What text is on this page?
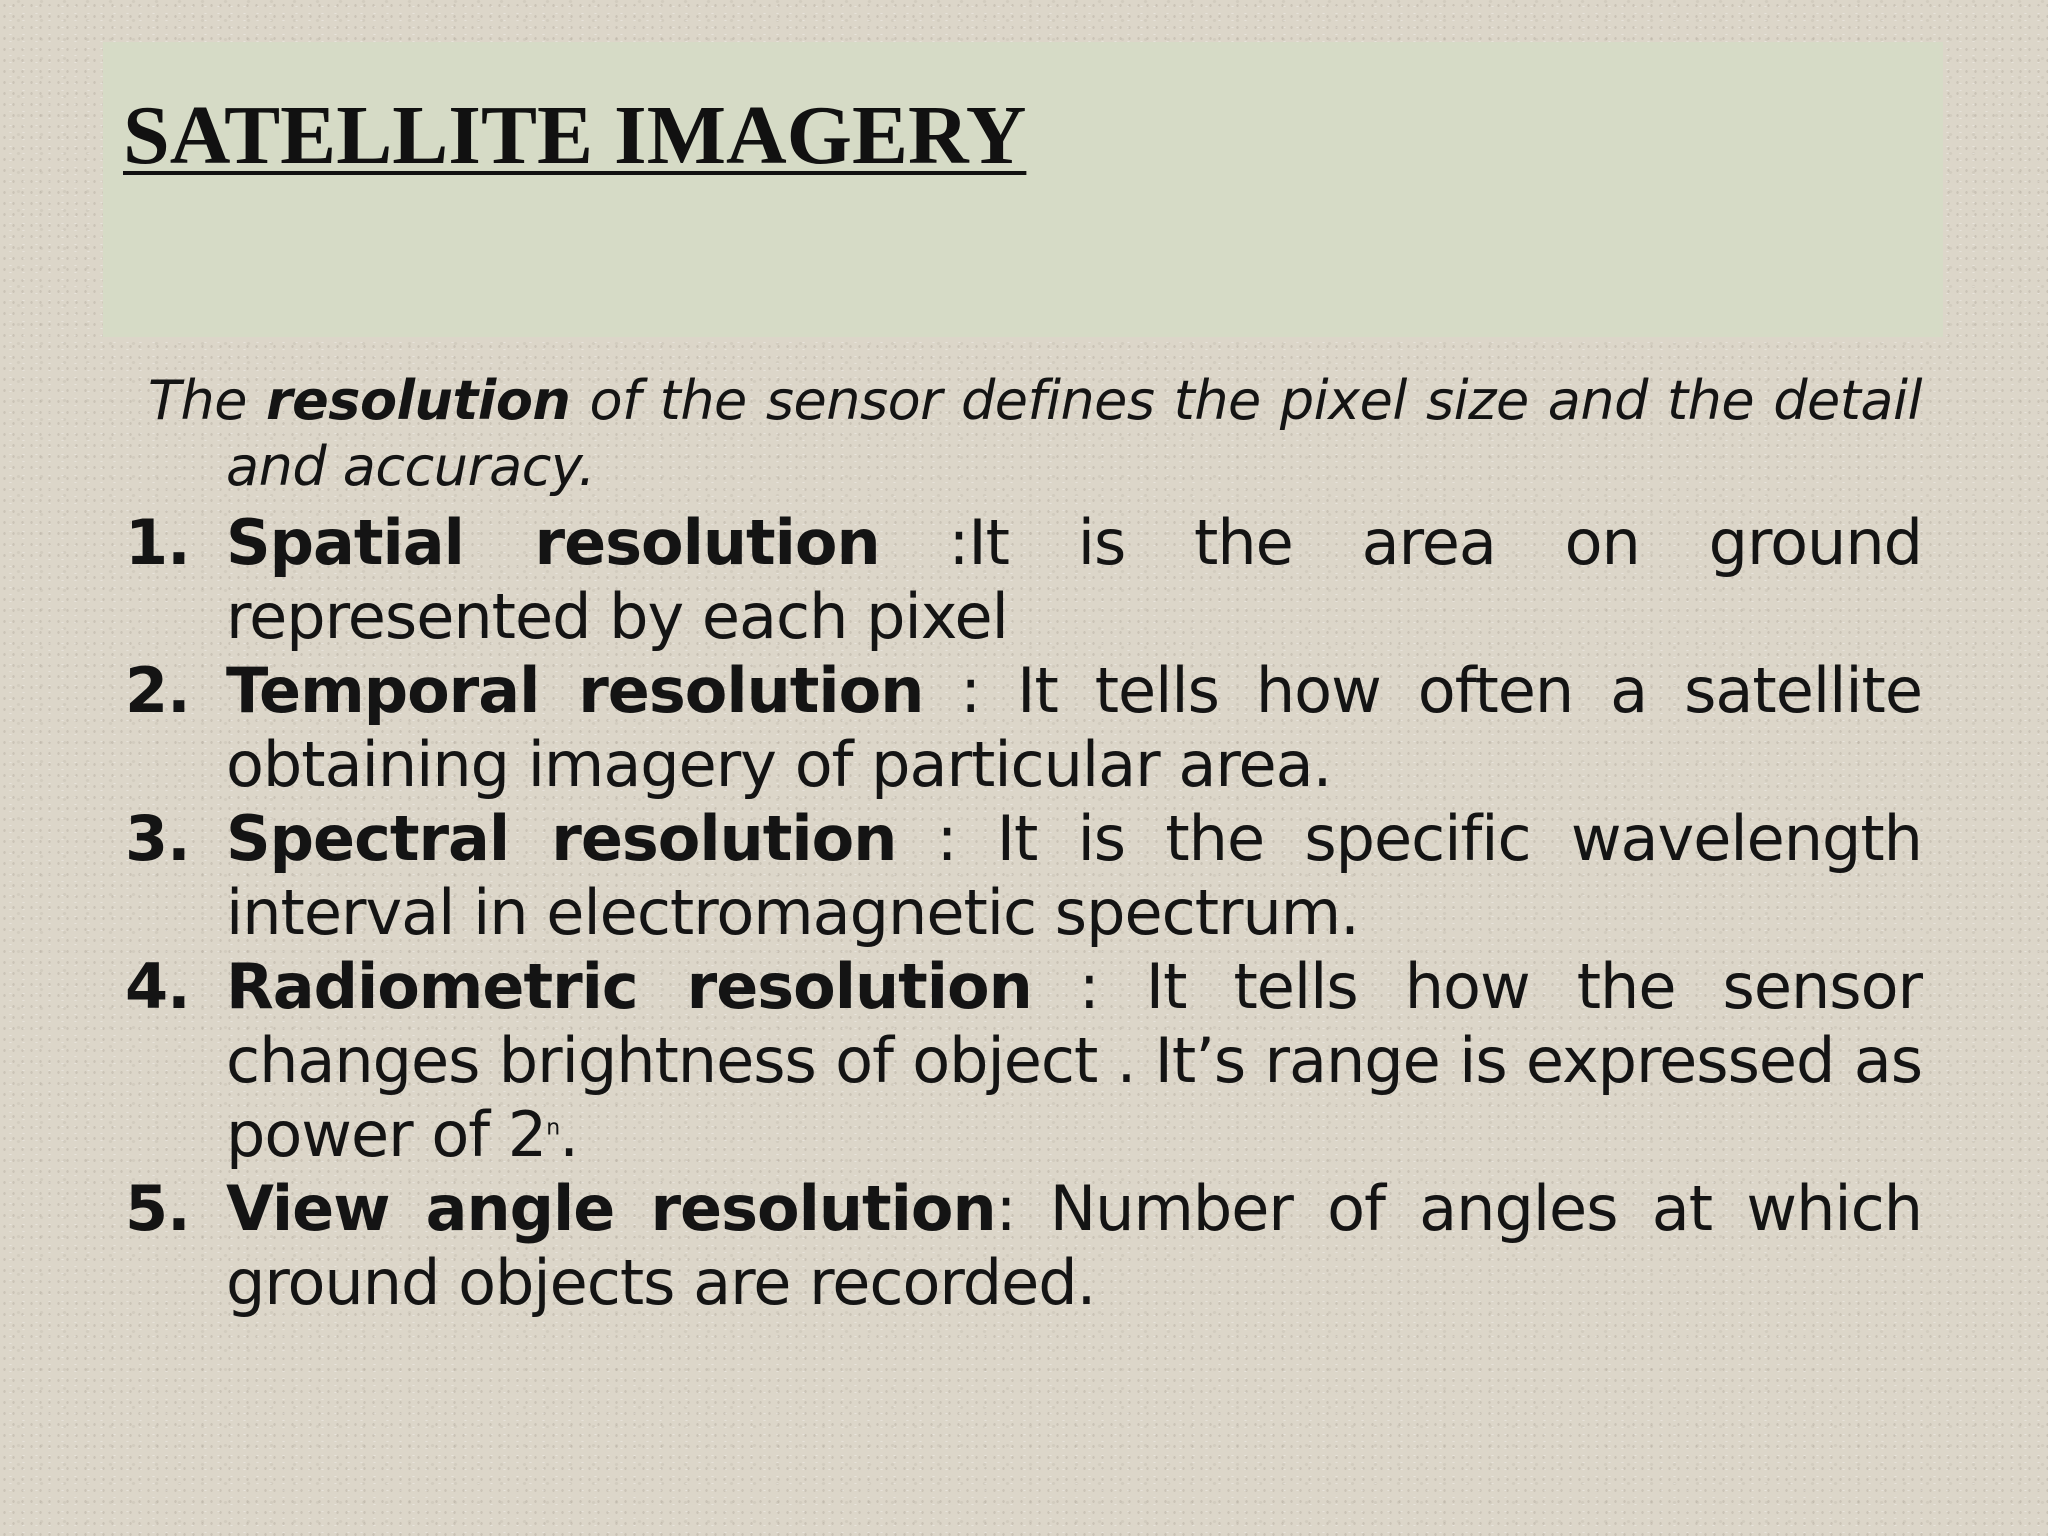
SATELLITE IMAGERY

The resolution of the sensor defines the pixel size and the detail and accuracy.

1. Spatial resolution :It is the area on ground represented by each pixel
2. Temporal resolution : It tells how often a satellite obtaining imagery of particular area.
3. Spectral resolution : It is the specific wavelength interval in electromagnetic spectrum.
4. Radiometric resolution : It tells how the sensor changes brightness of object . It’s range is expressed as power of 2$^n$.
5. View angle resolution: Number of angles at which ground objects are recorded.
